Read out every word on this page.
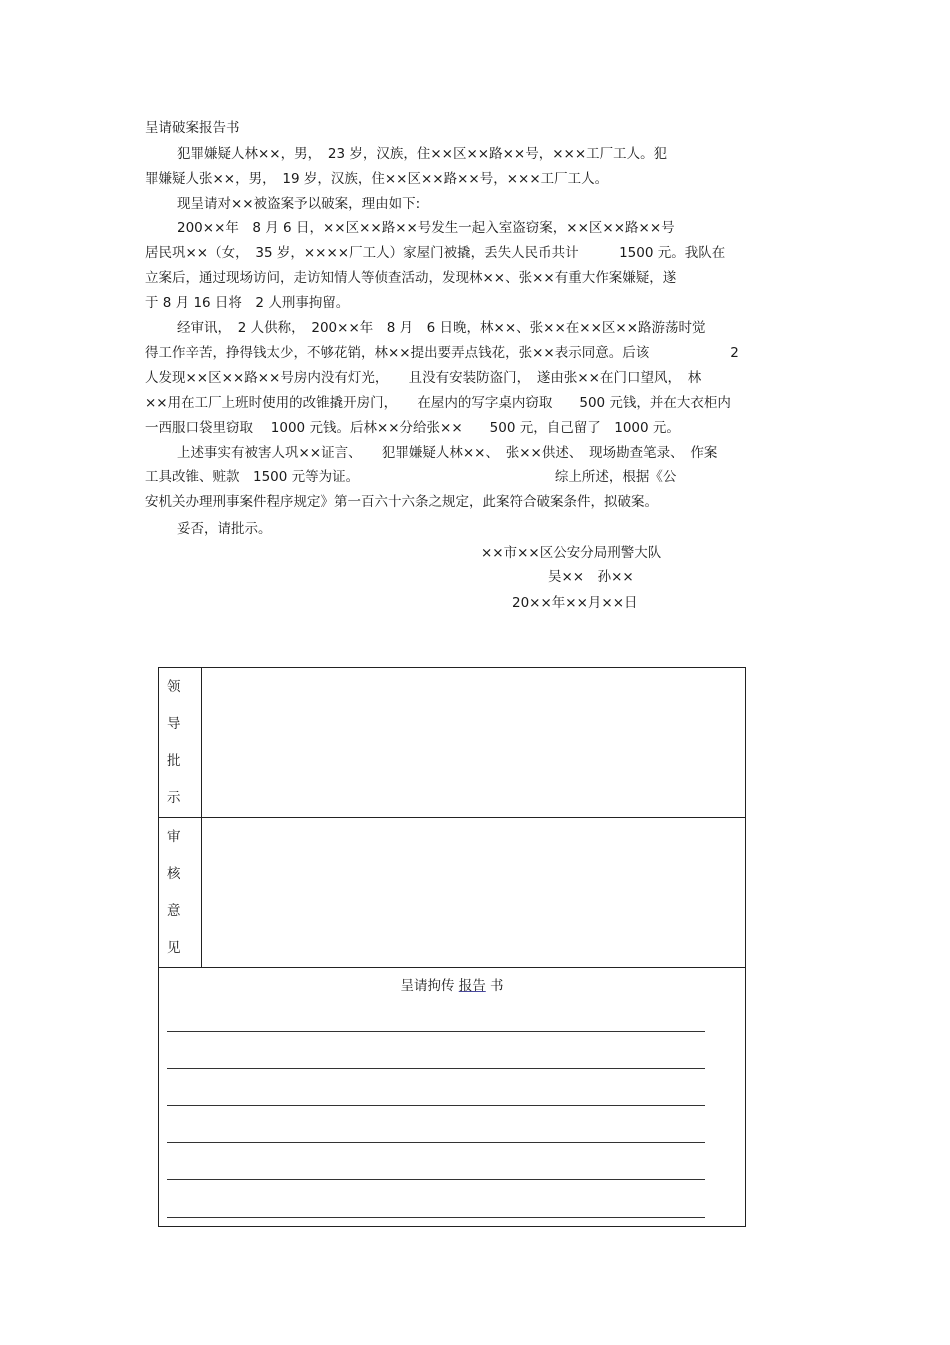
呈请破案报告书
犯罪嫌疑人林××，男，　23 岁，汉族，住××区××路××号，×××工厂工人。犯
罪嫌疑人张××，男，　19 岁，汉族，住××区××路××号，×××工厂工人。
现呈请对××被盗案予以破案，理由如下:
200××年　8 月 6 日，××区××路××号发生一起入室盗窃案，××区××路××号
居民巩××（女，　35 岁，××××厂工人）家屋门被撬，丢失人民币共计　　　1500 元。我队在
立案后，通过现场访问，走访知情人等侦查活动，发现林××、张××有重大作案嫌疑，遂
于 8 月 16 日将　2 人刑事拘留。
经审讯，　2 人供称，　200××年　8 月　6 日晚，林××、张××在××区××路游荡时觉
得工作辛苦，挣得钱太少，不够花销，林××提出要弄点钱花，张××表示同意。后该　　　　　　2
人发现××区××路××号房内没有灯光，　　且没有安装防盗门，　遂由张××在门口望风，　林
××用在工厂上班时使用的改锥撬开房门，　　在屋内的写字桌内窃取　　500 元钱，并在大衣柜内
一西服口袋里窃取　 1000 元钱。后林××分给张××　　500 元，自己留了　1000 元。
上述事实有被害人巩××证言、　　犯罪嫌疑人林××、　张××供述、　现场勘查笔录、　作案
工具改锥、赃款　1500 元等为证。　　　　　　　　　　　　　　　综上所述，根据《公
安机关办理刑事案件程序规定》第一百六十六条之规定，此案符合破案条件，拟破案。
妥否，请批示。
××市××区公安分局刑警大队
吴××　孙××
20××年××月××日
领
导
批
示
审
核
意
见
呈请拘传 报告 书
